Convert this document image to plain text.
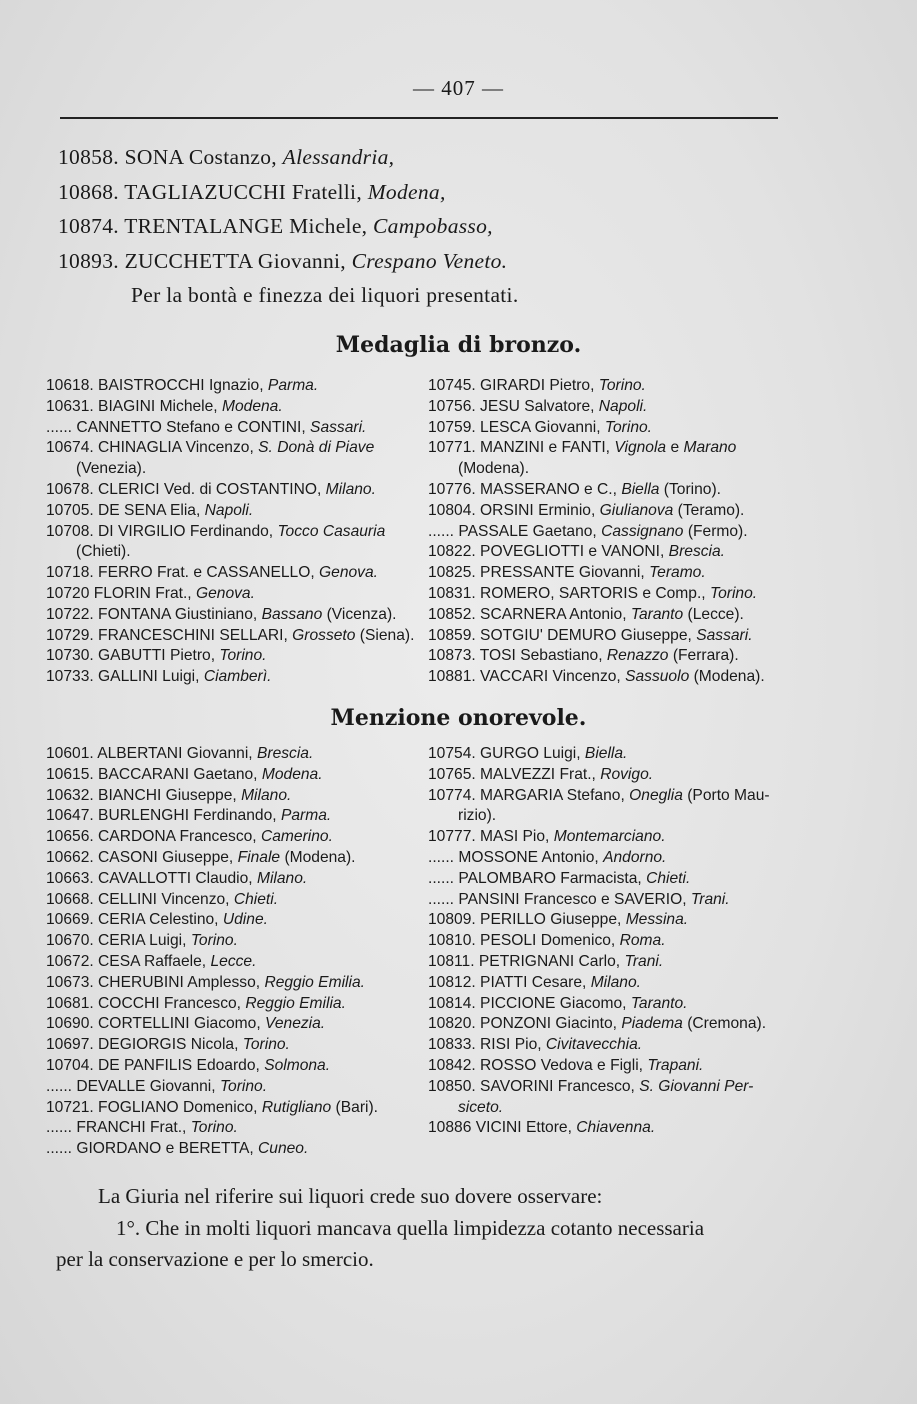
— 407 —
10858. SONA Costanzo, Alessandria,
10868. TAGLIAZUCCHI Fratelli, Modena,
10874. TRENTALANGE Michele, Campobasso,
10893. ZUCCHETTA Giovanni, Crespano Veneto.
Per la bontà e finezza dei liquori presentati.
Medaglia di bronzo.
10618. BAISTROCCHI Ignazio, Parma.
10631. BIAGINI Michele, Modena.
...... CANNETTO Stefano e CONTINI, Sassari.
10674. CHINAGLIA Vincenzo, S. Donà di Piave
(Venezia).
10678. CLERICI Ved. di COSTANTINO, Milano.
10705. DE SENA Elia, Napoli.
10708. DI VIRGILIO Ferdinando, Tocco Casauria
(Chieti).
10718. FERRO Frat. e CASSANELLO, Genova.
10720 FLORIN Frat., Genova.
10722. FONTANA Giustiniano, Bassano (Vicenza).
10729. FRANCESCHINI SELLARI, Grosseto (Siena).
10730. GABUTTI Pietro, Torino.
10733. GALLINI Luigi, Ciamberì.
10745. GIRARDI Pietro, Torino.
10756. JESU Salvatore, Napoli.
10759. LESCA Giovanni, Torino.
10771. MANZINI e FANTI, Vignola e Marano
(Modena).
10776. MASSERANO e C., Biella (Torino).
10804. ORSINI Erminio, Giulianova (Teramo).
...... PASSALE Gaetano, Cassignano (Fermo).
10822. POVEGLIOTTI e VANONI, Brescia.
10825. PRESSANTE Giovanni, Teramo.
10831. ROMERO, SARTORIS e Comp., Torino.
10852. SCARNERA Antonio, Taranto (Lecce).
10859. SOTGIU' DEMURO Giuseppe, Sassari.
10873. TOSI Sebastiano, Renazzo (Ferrara).
10881. VACCARI Vincenzo, Sassuolo (Modena).
Menzione onorevole.
10601. ALBERTANI Giovanni, Brescia.
10615. BACCARANI Gaetano, Modena.
10632. BIANCHI Giuseppe, Milano.
10647. BURLENGHI Ferdinando, Parma.
10656. CARDONA Francesco, Camerino.
10662. CASONI Giuseppe, Finale (Modena).
10663. CAVALLOTTI Claudio, Milano.
10668. CELLINI Vincenzo, Chieti.
10669. CERIA Celestino, Udine.
10670. CERIA Luigi, Torino.
10672. CESA Raffaele, Lecce.
10673. CHERUBINI Amplesso, Reggio Emilia.
10681. COCCHI Francesco, Reggio Emilia.
10690. CORTELLINI Giacomo, Venezia.
10697. DEGIORGIS Nicola, Torino.
10704. DE PANFILIS Edoardo, Solmona.
...... DEVALLE Giovanni, Torino.
10721. FOGLIANO Domenico, Rutigliano (Bari).
...... FRANCHI Frat., Torino.
...... GIORDANO e BERETTA, Cuneo.
10754. GURGO Luigi, Biella.
10765. MALVEZZI Frat., Rovigo.
10774. MARGARIA Stefano, Oneglia (Porto Mau-
rizio).
10777. MASI Pio, Montemarciano.
...... MOSSONE Antonio, Andorno.
...... PALOMBARO Farmacista, Chieti.
...... PANSINI Francesco e SAVERIO, Trani.
10809. PERILLO Giuseppe, Messina.
10810. PESOLI Domenico, Roma.
10811. PETRIGNANI Carlo, Trani.
10812. PIATTI Cesare, Milano.
10814. PICCIONE Giacomo, Taranto.
10820. PONZONI Giacinto, Piadema (Cremona).
10833. RISI Pio, Civitavecchia.
10842. ROSSO Vedova e Figli, Trapani.
10850. SAVORINI Francesco, S. Giovanni Per-
siceto.
10886 VICINI Ettore, Chiavenna.
La Giuria nel riferire sui liquori crede suo dovere osservare:
1°. Che in molti liquori mancava quella limpidezza cotanto necessaria
per la conservazione e per lo smercio.
